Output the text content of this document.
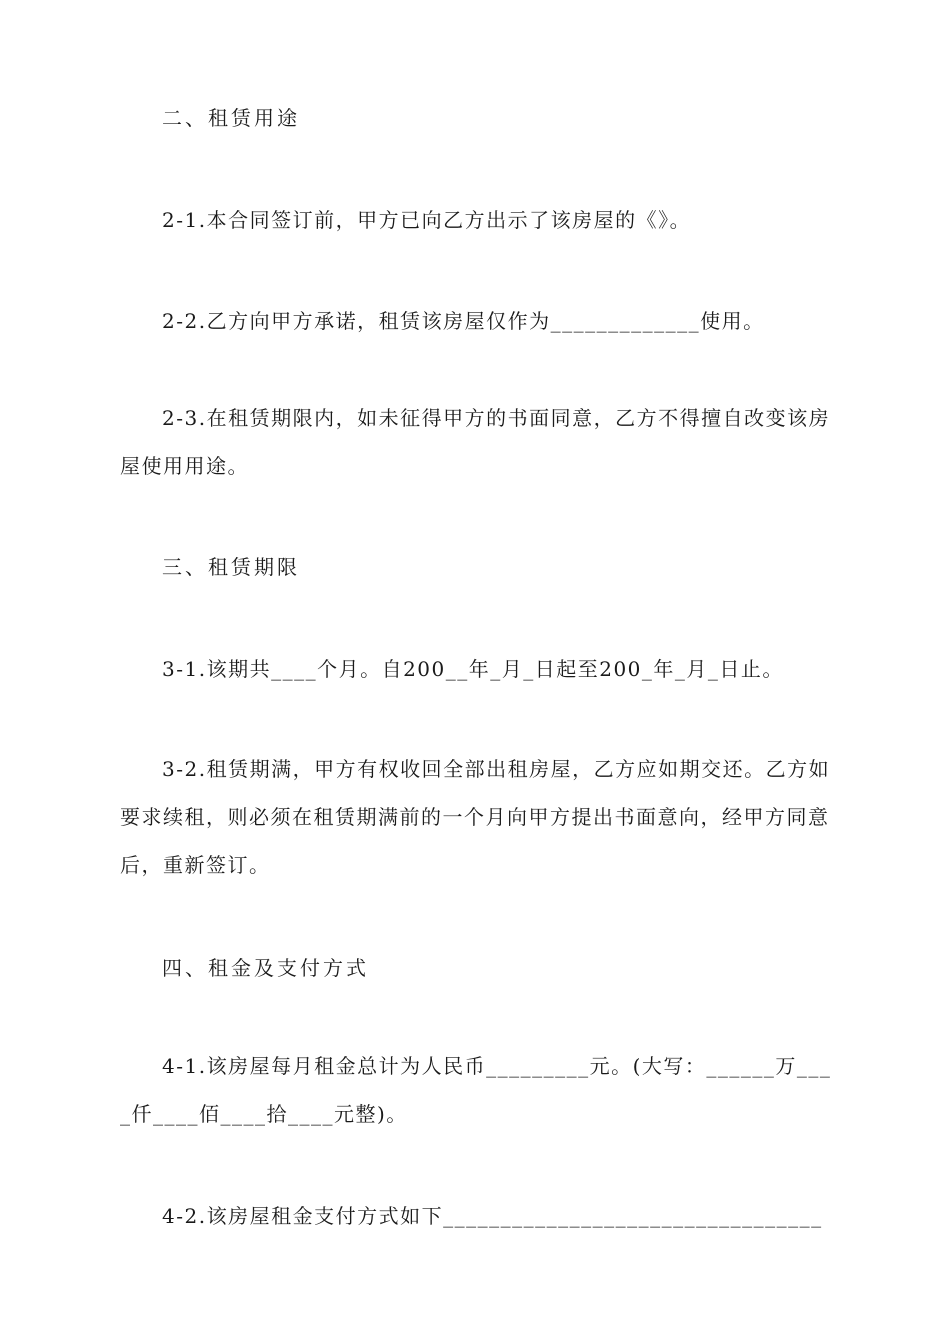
二、租赁用途

2-1.本合同签订前，甲方已向乙方出示了该房屋的《》。

2-2.乙方向甲方承诺，租赁该房屋仅作为_____________使用。

2-3.在租赁期限内，如未征得甲方的书面同意，乙方不得擅自改变该房屋使用用途。

三、租赁期限

3-1.该期共____个月。自200__年_月_日起至200_年_月_日止。

3-2.租赁期满，甲方有权收回全部出租房屋，乙方应如期交还。乙方如要求续租，则必须在租赁期满前的一个月向甲方提出书面意向，经甲方同意后，重新签订。

四、租金及支付方式

4-1.该房屋每月租金总计为人民币_________元。(大写：______万____仟____佰____拾____元整)。

4-2.该房屋租金支付方式如下_________________________________
